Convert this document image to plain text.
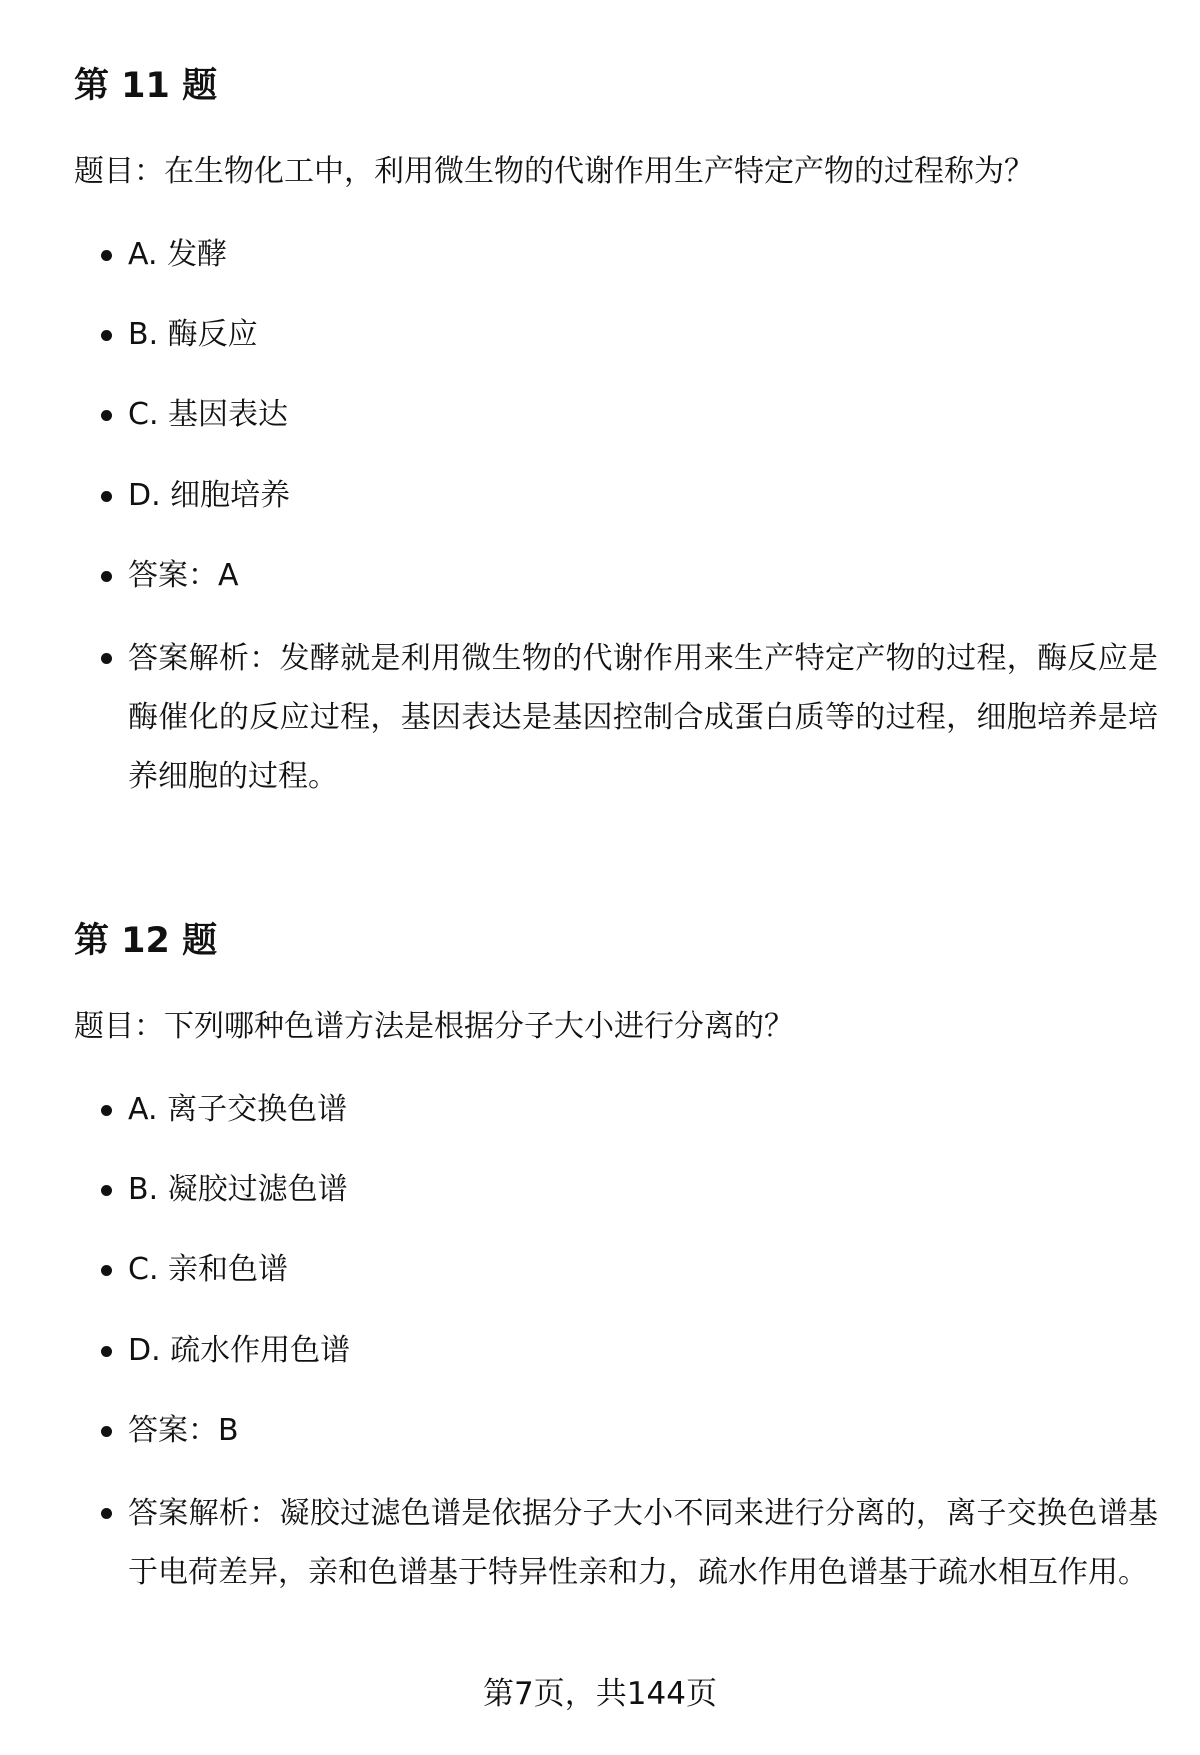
第 11 题

题目：在生物化工中，利用微生物的代谢作用生产特定产物的过程称为？

A. 发酵
B. 酶反应
C. 基因表达
D. 细胞培养
答案：A
答案解析：发酵就是利用微生物的代谢作用来生产特定产物的过程，酶反应是酶催化的反应过程，基因表达是基因控制合成蛋白质等的过程，细胞培养是培养细胞的过程。
第 12 题

题目：下列哪种色谱方法是根据分子大小进行分离的？

A. 离子交换色谱
B. 凝胶过滤色谱
C. 亲和色谱
D. 疏水作用色谱
答案：B
答案解析：凝胶过滤色谱是依据分子大小不同来进行分离的，离子交换色谱基于电荷差异，亲和色谱基于特异性亲和力，疏水作用色谱基于疏水相互作用。
第7页，共144页
